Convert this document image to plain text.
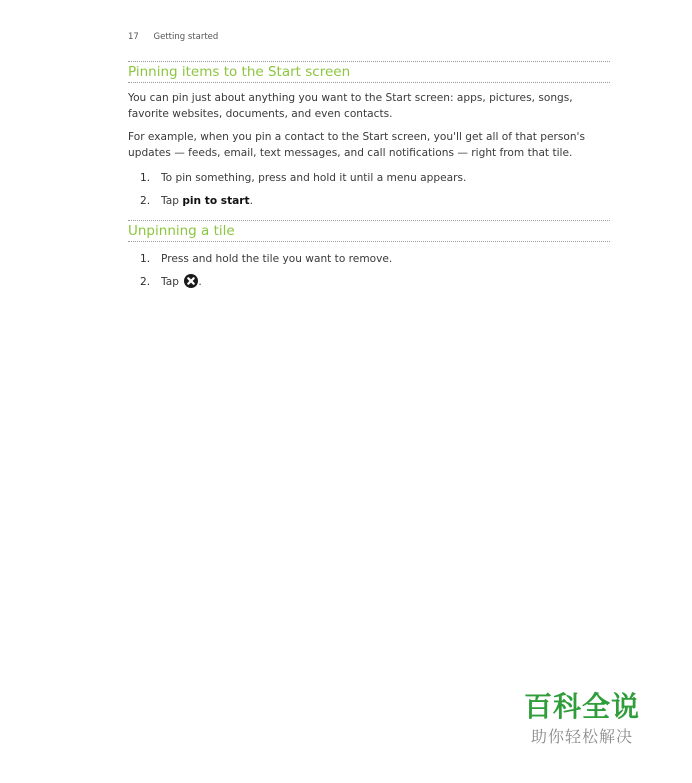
17 Getting started
Pinning items to the Start screen

You can pin just about anything you want to the Start screen: apps, pictures, songs, favorite websites, documents, and even contacts.

For example, when you pin a contact to the Start screen, you'll get all of that person's updates — feeds, email, text messages, and call notifications — right from that tile.

1. To pin something, press and hold it until a menu appears.
2. Tap pin to start.
Unpinning a tile
1. Press and hold the tile you want to remove.
2. Tap
.
百科全说
助你轻松解决
